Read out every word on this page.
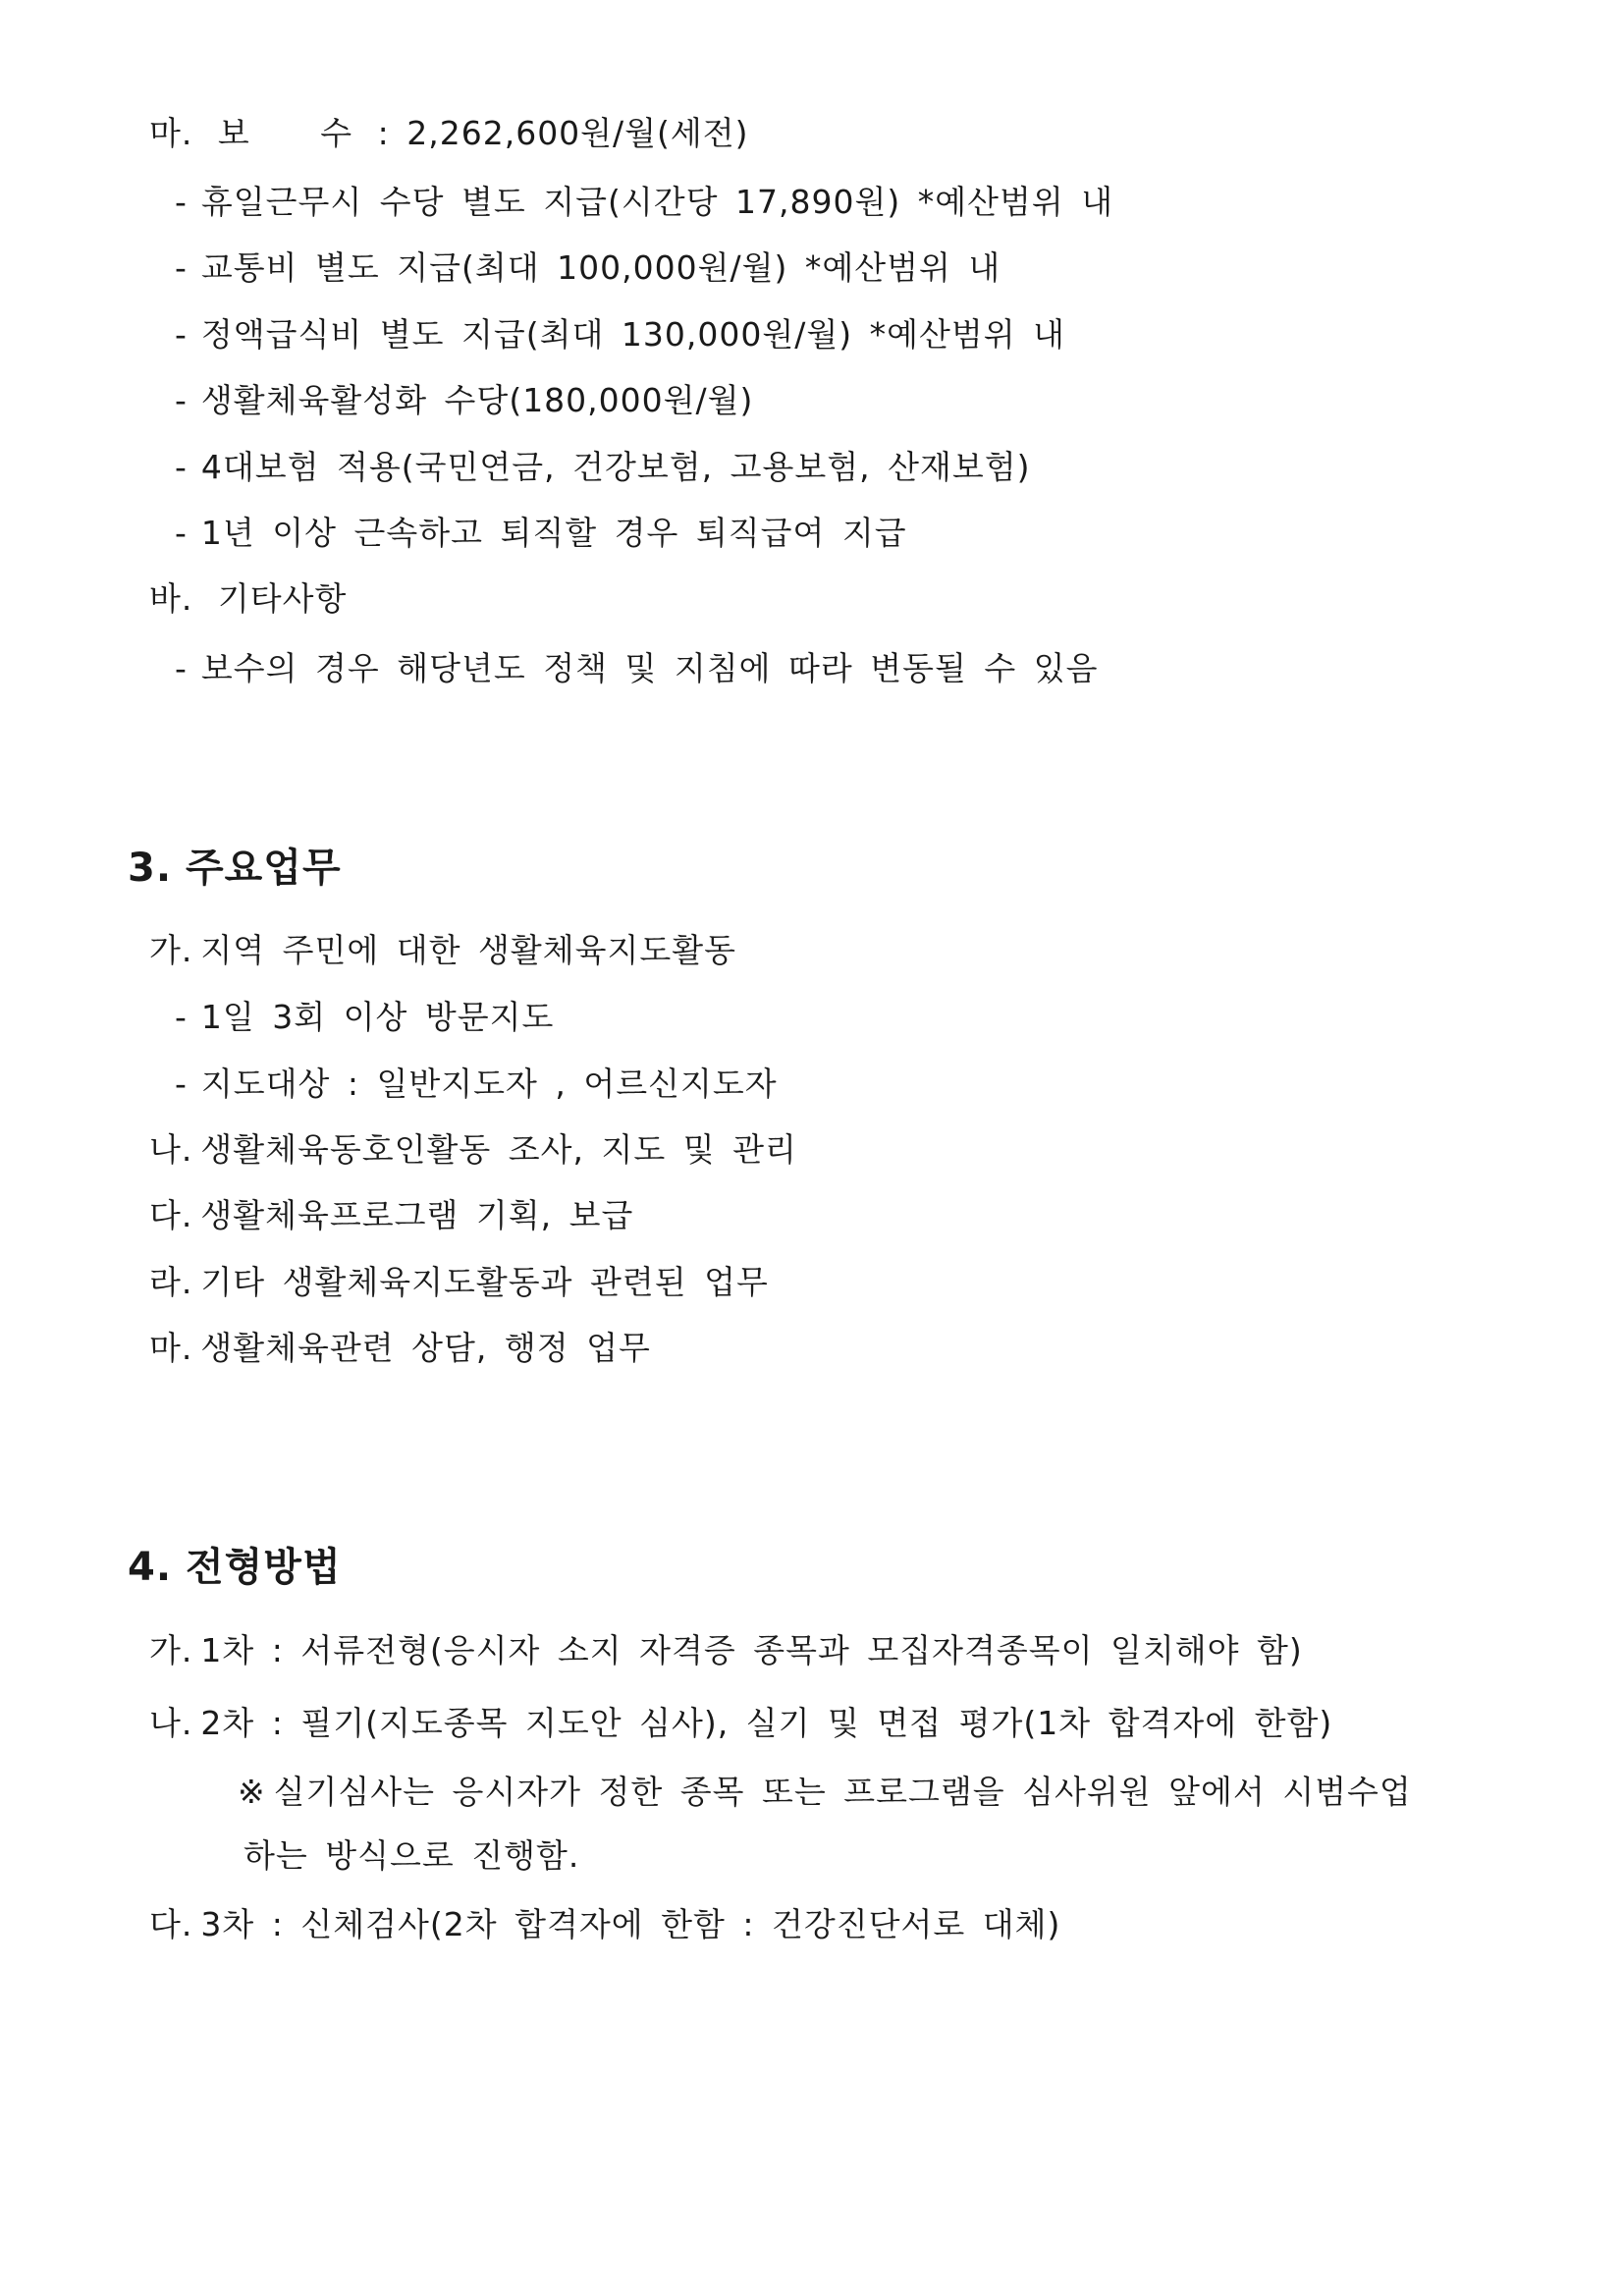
마. 보 수 : 2,262,600원/월(세전)
- 휴일근무시 수당 별도 지급(시간당 17,890원) *예산범위 내
- 교통비 별도 지급(최대 100,000원/월) *예산범위 내
- 정액급식비 별도 지급(최대 130,000원/월) *예산범위 내
- 생활체육활성화 수당(180,000원/월)
- 4대보험 적용(국민연금, 건강보험, 고용보험, 산재보험)
- 1년 이상 근속하고 퇴직할 경우 퇴직급여 지급
바. 기타사항
- 보수의 경우 해당년도 정책 및 지침에 따라 변동될 수 있음
3. 주요업무
가. 지역 주민에 대한 생활체육지도활동
- 1일 3회 이상 방문지도
- 지도대상 : 일반지도자 , 어르신지도자
나. 생활체육동호인활동 조사, 지도 및 관리
다. 생활체육프로그램 기획, 보급
라. 기타 생활체육지도활동과 관련된 업무
마. 생활체육관련 상담, 행정 업무
4. 전형방법
가. 1차 : 서류전형(응시자 소지 자격증 종목과 모집자격종목이 일치해야 함)
나. 2차 : 필기(지도종목 지도안 심사), 실기 및 면접 평가(1차 합격자에 한함)
※ 실기심사는 응시자가 정한 종목 또는 프로그램을 심사위원 앞에서 시범수업
하는 방식으로 진행함.
다. 3차 : 신체검사(2차 합격자에 한함 : 건강진단서로 대체)
